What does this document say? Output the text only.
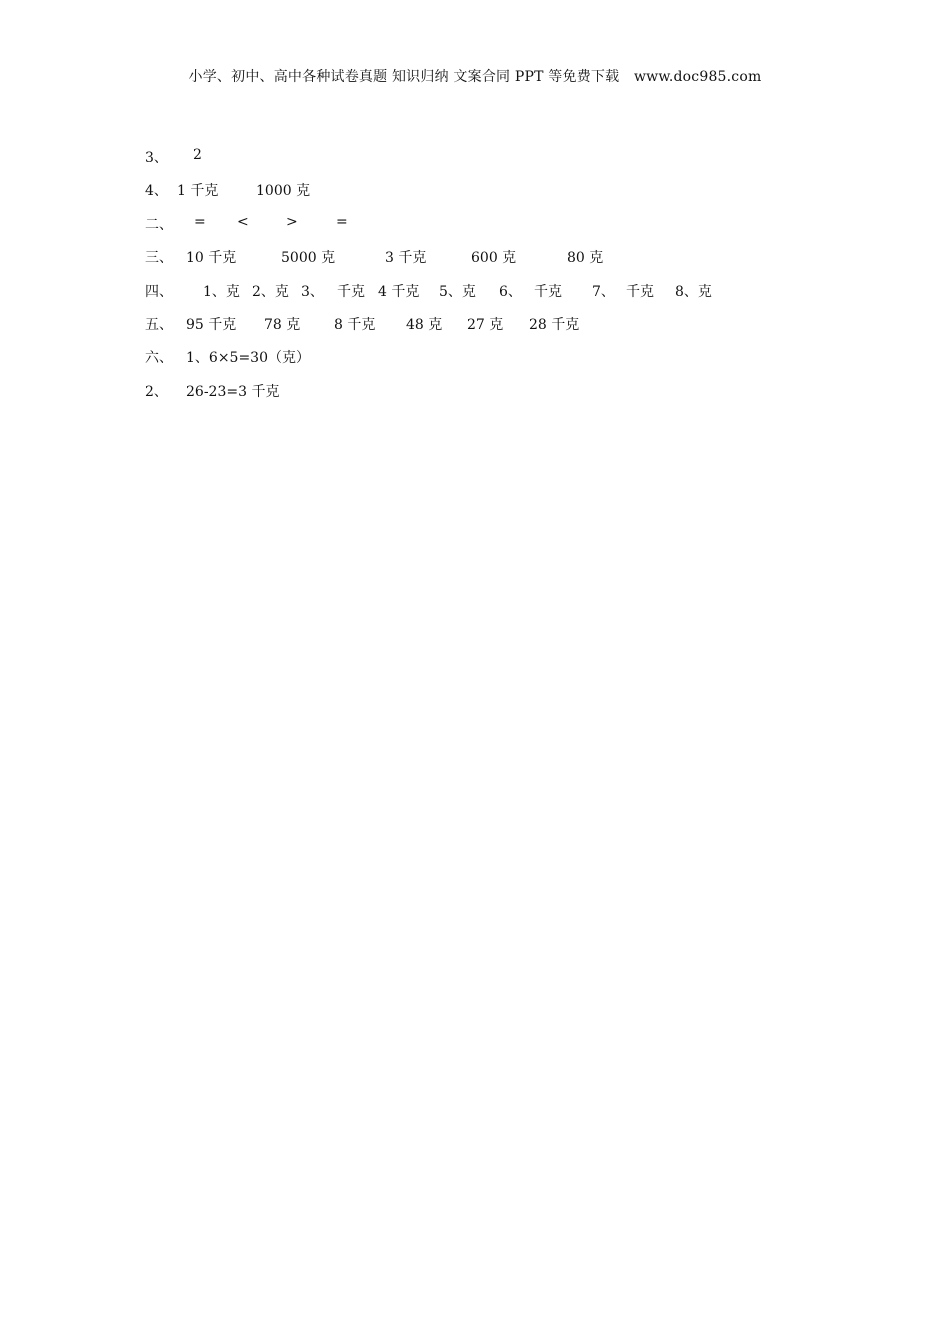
小学、初中、高中各种试卷真题 知识归纳 文案合同 PPT 等免费下载 www.doc985.com
3、 2
4、 1 千克	1000 克
二、 = <	>	=
三、 10 千克	5000 克	3 千克	600 克	80 克
四、 1、克 2、克 3、 千克 4 千克 5、克 6、 千克 7、 千克 8、克
五、 95 千克 78 克 8 千克 48 克 27 克 28 千克
六、 1、6×5=30（克）
2、 26-23=3 千克
